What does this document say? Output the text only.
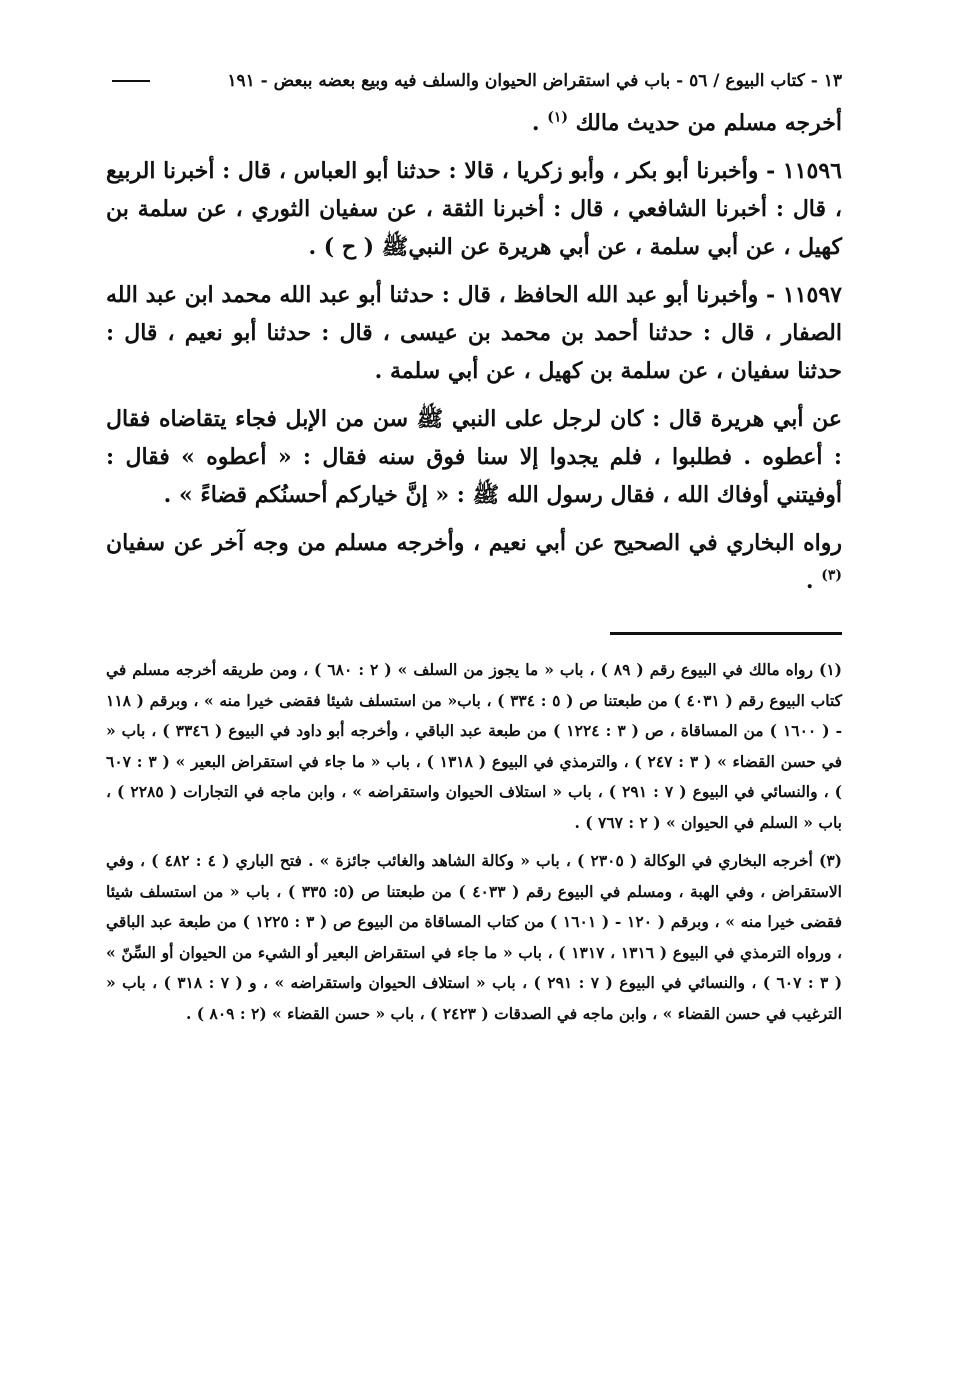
١٣ - كتاب البيوع / ٥٦ - باب في استقراض الحيوان والسلف فيه وبيع بعضه ببعض - ١٩١

أخرجه مسلم من حديث مالك $^{(١)}$ .

١١٥٩٦ - وأخبرنا أبو بكر ، وأبو زكريا ، قالا : حدثنا أبو العباس ، قال : أخبرنا الربيع ، قال : أخبرنا الشافعي ، قال : أخبرنا الثقة ، عن سفيان الثوري ، عن سلمة بن كهيل ، عن أبي سلمة ، عن أبي هريرة عن النبيﷺ ( ح ) .

١١٥٩٧ - وأخبرنا أبو عبد الله الحافظ ، قال : حدثنا أبو عبد الله محمد ابن عبد الله الصفار ، قال : حدثنا أحمد بن محمد بن عيسى ، قال : حدثنا أبو نعيم ، قال : حدثنا سفيان ، عن سلمة بن كهيل ، عن أبي سلمة .

عن أبي هريرة قال : كان لرجل على النبي ﷺ سن من الإبل فجاء يتقاضاه فقال : أعطوه . فطلبوا ، فلم يجدوا إلا سنا فوق سنه فقال : « أعطوه » فقال : أوفيتني أوفاك الله ، فقال رسول الله ﷺ : « إنَّ خياركم أحسنُكم قضاءً » .

رواه البخاري في الصحيح عن أبي نعيم ، وأخرجه مسلم من وجه آخر عن سفيان $^{(٣)}$ .

(١) رواه مالك في البيوع رقم ( ٨٩ ) ، باب « ما يجوز من السلف » ( ٢ : ٦٨٠ ) ، ومن طريقه أخرجه مسلم في كتاب البيوع رقم ( ٤٠٣١ ) من طبعتنا ص ( ٥ : ٣٣٤ ) ، باب« من استسلف شيئا فقضى خيرا منه » ، وبرقم ( ١١٨ - ( ١٦٠٠ ) من المساقاة ، ص ( ٣ : ١٢٢٤ ) من طبعة عبد الباقي ، وأخرجه أبو داود في البيوع ( ٣٣٤٦ ) ، باب « في حسن القضاء » ( ٣ : ٢٤٧ ) ، والترمذي في البيوع ( ١٣١٨ ) ، باب « ما جاء في استقراض البعير » ( ٣ : ٦٠٧ ) ، والنسائي في البيوع ( ٧ : ٢٩١ ) ، باب « استلاف الحيوان واستقراضه » ، وابن ماجه في التجارات ( ٢٢٨٥ ) ، باب « السلم في الحيوان » ( ٢ : ٧٦٧ ) .

(٣) أخرجه البخاري في الوكالة ( ٢٣٠٥ ) ، باب « وكالة الشاهد والغائب جائزة » . فتح الباري ( ٤ : ٤٨٢ ) ، وفي الاستقراض ، وفي الهبة ، ومسلم في البيوع رقم ( ٤٠٣٣ ) من طبعتنا ص (٥: ٣٣٥ ) ، باب « من استسلف شيئا فقضى خيرا منه » ، وبرقم ( ١٢٠ - ( ١٦٠١ ) من كتاب المساقاة من البيوع ص ( ٣ : ١٢٢٥ ) من طبعة عبد الباقي ، ورواه الترمذي في البيوع ( ١٣١٦ ، ١٣١٧ ) ، باب « ما جاء في استقراض البعير أو الشيء من الحيوان أو السِّنّ » ( ٣ : ٦٠٧ ) ، والنسائي في البيوع ( ٧ : ٢٩١ ) ، باب « استلاف الحيوان واستقراضه » ، و ( ٧ : ٣١٨ ) ، باب « الترغيب في حسن القضاء » ، وابن ماجه في الصدقات ( ٢٤٢٣ ) ، باب « حسن القضاء » (٢ : ٨٠٩ ) .
